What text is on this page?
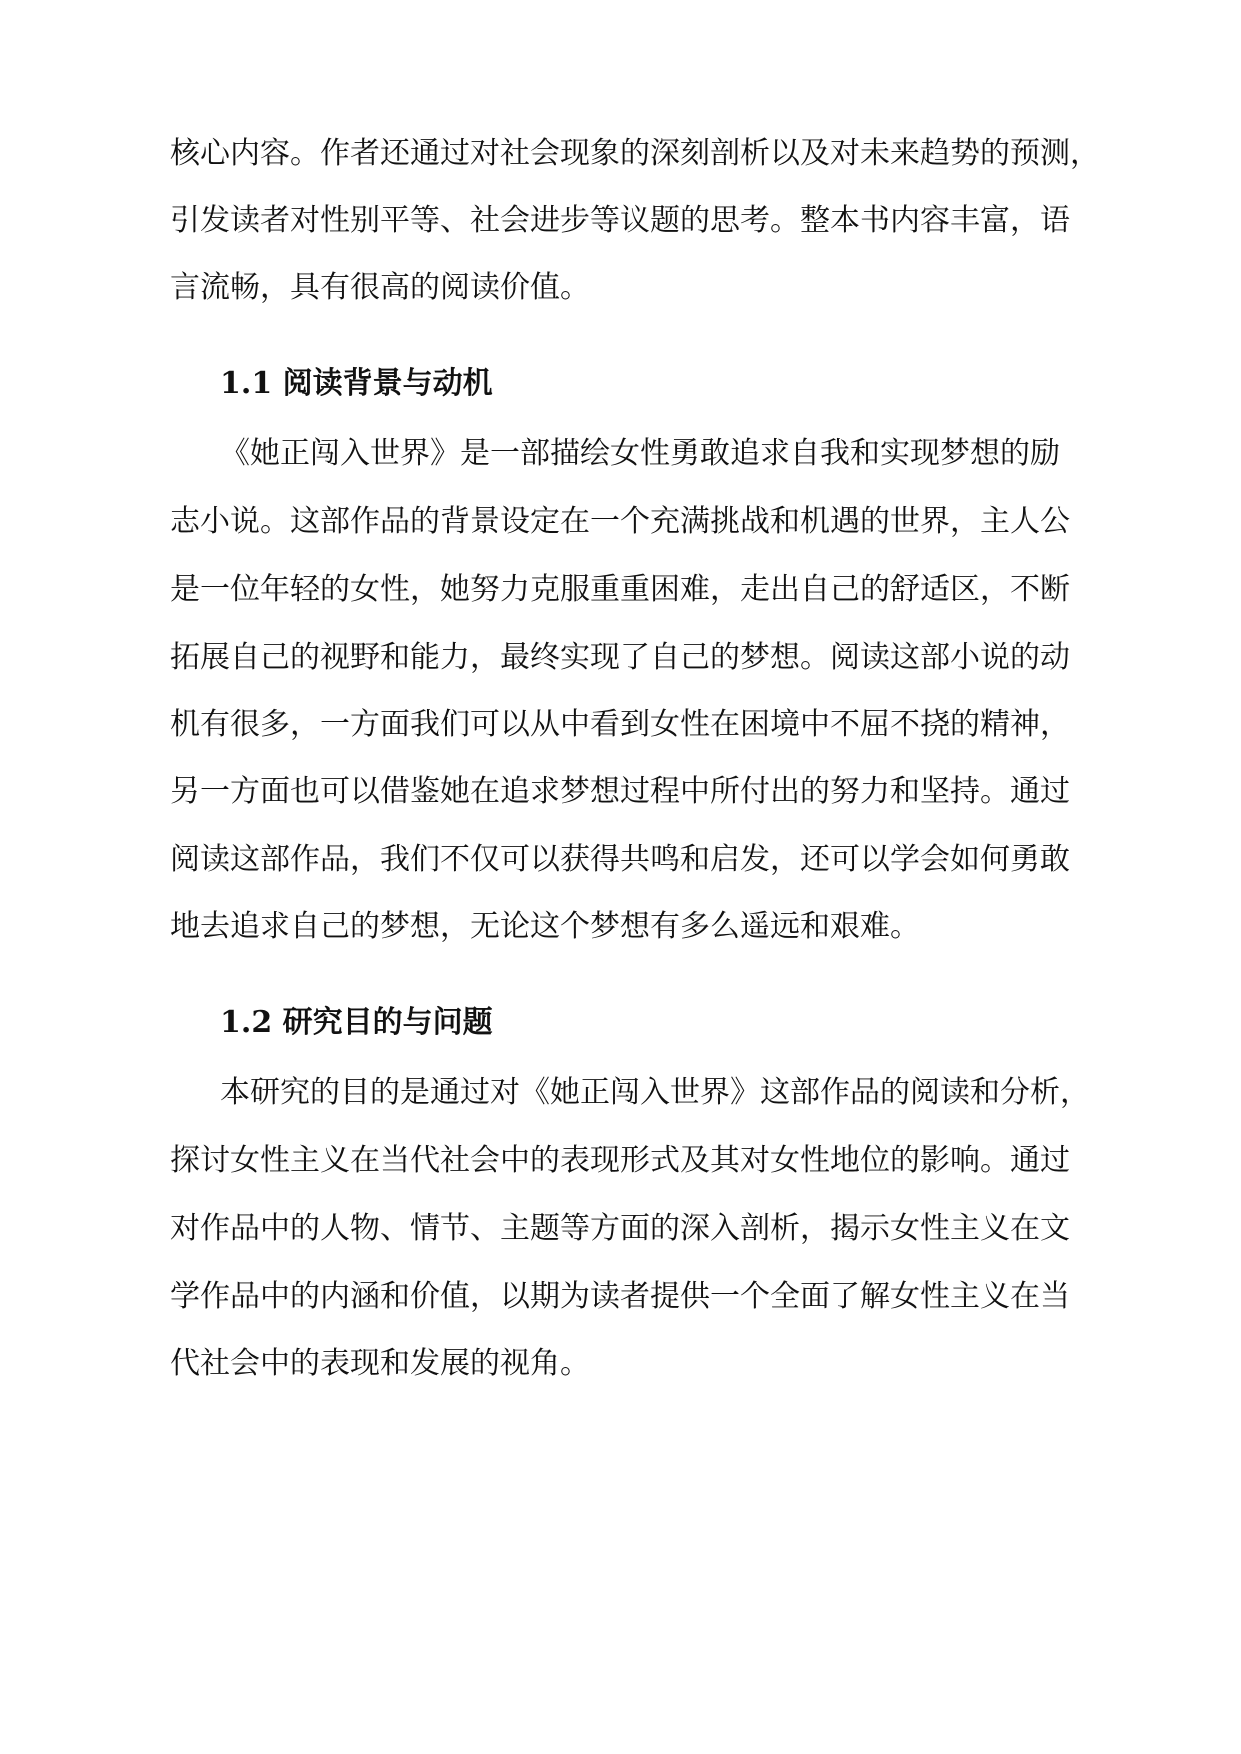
核心内容。作者还通过对社会现象的深刻剖析以及对未来趋势的预测，

引发读者对性别平等、社会进步等议题的思考。整本书内容丰富，语

言流畅，具有很高的阅读价值。

1.1 阅读背景与动机

《她正闯入世界》是一部描绘女性勇敢追求自我和实现梦想的励

志小说。这部作品的背景设定在一个充满挑战和机遇的世界，主人公

是一位年轻的女性，她努力克服重重困难，走出自己的舒适区，不断

拓展自己的视野和能力，最终实现了自己的梦想。阅读这部小说的动

机有很多，一方面我们可以从中看到女性在困境中不屈不挠的精神，

另一方面也可以借鉴她在追求梦想过程中所付出的努力和坚持。通过

阅读这部作品，我们不仅可以获得共鸣和启发，还可以学会如何勇敢

地去追求自己的梦想，无论这个梦想有多么遥远和艰难。

1.2 研究目的与问题

本研究的目的是通过对《她正闯入世界》这部作品的阅读和分析，

探讨女性主义在当代社会中的表现形式及其对女性地位的影响。通过

对作品中的人物、情节、主题等方面的深入剖析，揭示女性主义在文

学作品中的内涵和价值，以期为读者提供一个全面了解女性主义在当

代社会中的表现和发展的视角。
